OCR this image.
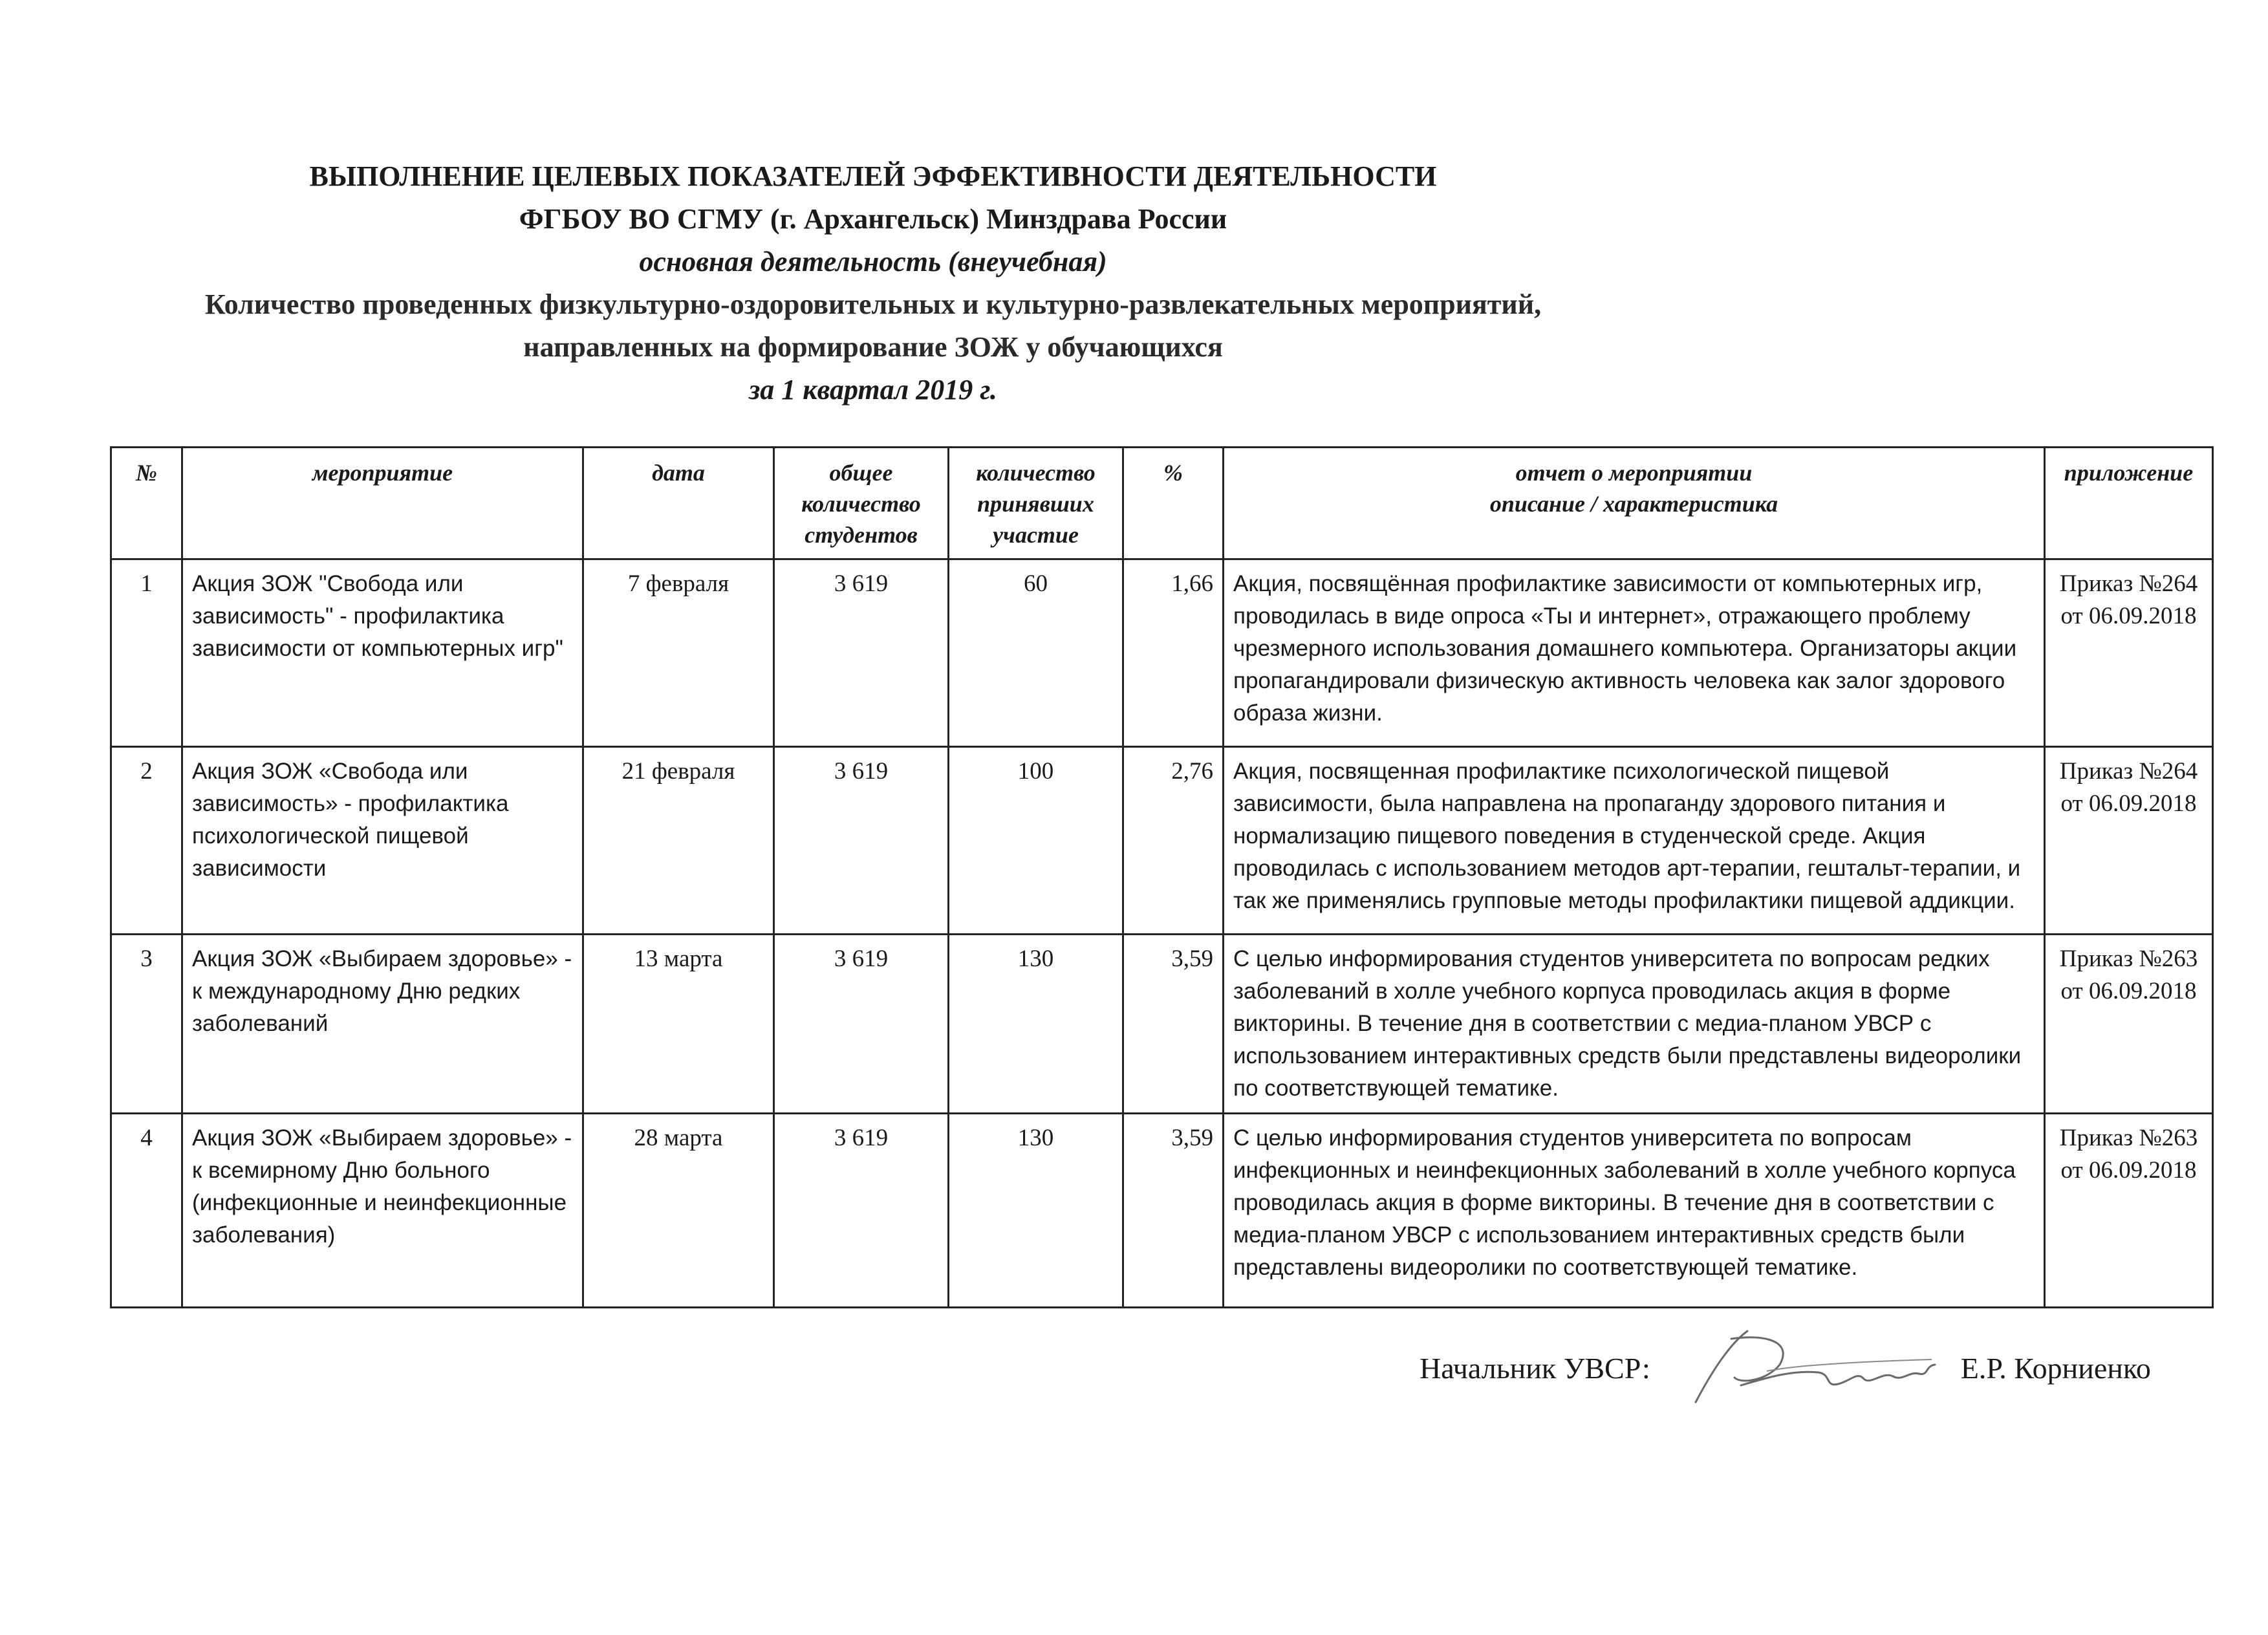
ВЫПОЛНЕНИЕ ЦЕЛЕВЫХ ПОКАЗАТЕЛЕЙ ЭФФЕКТИВНОСТИ ДЕЯТЕЛЬНОСТИ
ФГБОУ ВО СГМУ (г. Архангельск) Минздрава России
основная деятельность (внеучебная)
Количество проведенных физкультурно-оздоровительных и культурно-развлекательных мероприятий,
направленных на формирование ЗОЖ у обучающихся
за 1 квартал 2019 г.
№	мероприятие	дата	общее
количество
студентов	количество
принявших
участие	%	отчет о мероприятии
описание / характеристика	приложение
1	Акция ЗОЖ "Свобода или зависимость" - профилактика зависимости от компьютерных игр"	7 февраля	3 619	60	1,66	Акция, посвящённая профилактике зависимости от компьютерных игр, проводилась в виде опроса «Ты и интернет», отражающего проблему чрезмерного использования домашнего компьютера. Организаторы акции пропагандировали физическую активность человека как залог здорового образа жизни.	Приказ №264
от 06.09.2018
2	Акция ЗОЖ «Свобода или зависимость» - профилактика психологической пищевой зависимости	21 февраля	3 619	100	2,76	Акция, посвященная профилактике психологической пищевой зависимости, была направлена на пропаганду здорового питания и нормализацию пищевого поведения в студенческой среде. Акция проводилась с использованием методов арт-терапии, гештальт-терапии, и так же применялись групповые методы профилактики пищевой аддикции.	Приказ №264
от 06.09.2018
3	Акция ЗОЖ «Выбираем здоровье» - к международному Дню редких заболеваний	13 марта	3 619	130	3,59	С целью информирования студентов университета по вопросам редких заболеваний в холле учебного корпуса проводилась акция в форме викторины. В течение дня в соответствии с медиа-планом УВСР с использованием интерактивных средств были представлены видеоролики по соответствующей тематике.	Приказ №263
от 06.09.2018
4	Акция ЗОЖ «Выбираем здоровье» - к всемирному Дню больного (инфекционные и неинфекционные заболевания)	28 марта	3 619	130	3,59	С целью информирования студентов университета по вопросам инфекционных и неинфекционных заболеваний в холле учебного корпуса проводилась акция в форме викторины. В течение дня в соответствии с медиа-планом УВСР с использованием интерактивных средств были представлены видеоролики по соответствующей тематике.	Приказ №263
от 06.09.2018
Начальник УВСР:	Е.Р. Корниенко
